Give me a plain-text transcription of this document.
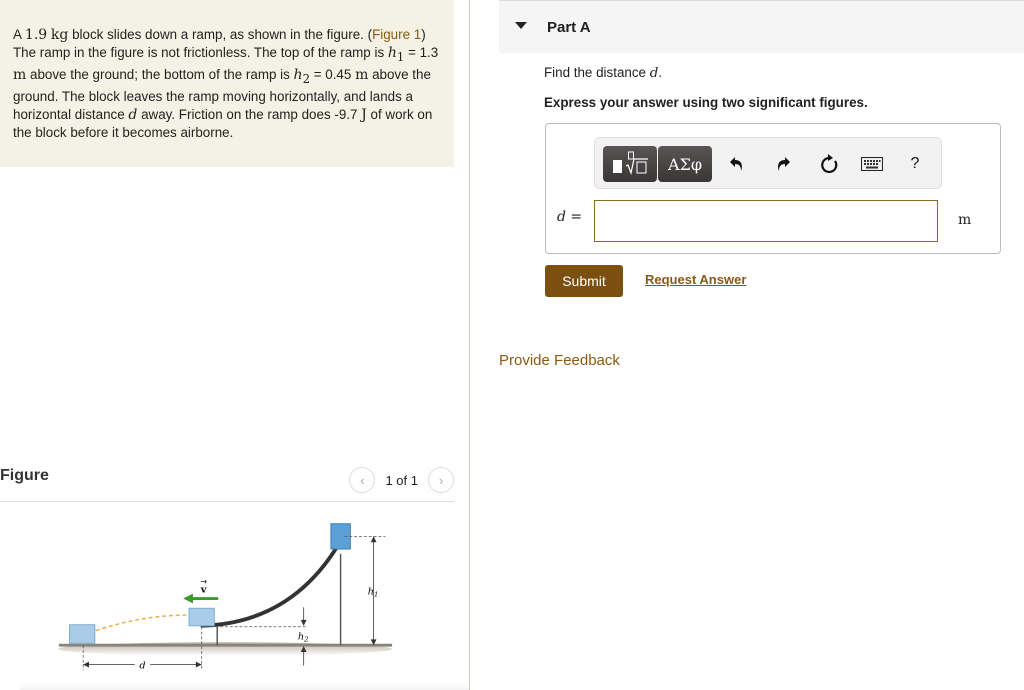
A 1.9 kg block slides down a ramp, as shown in the figure. (Figure 1) The ramp in the figure is not frictionless. The top of the ramp is $h_1 = 1.3$ m above the ground; the bottom of the ramp is $h_2 = 0.45$ m above the ground. The block leaves the ramp moving horizontally, and lands a horizontal distance d away. Friction on the ramp does -9.7 J of work on the block before it becomes airborne.
Figure	‹ 1 of 1 ›
v
→
$h_1$
$h_2$
d
Part A
Find the distance d.
Express your answer using two significant figures.
ΑΣφ	?
d =	m
Submit	Request Answer
Provide Feedback
